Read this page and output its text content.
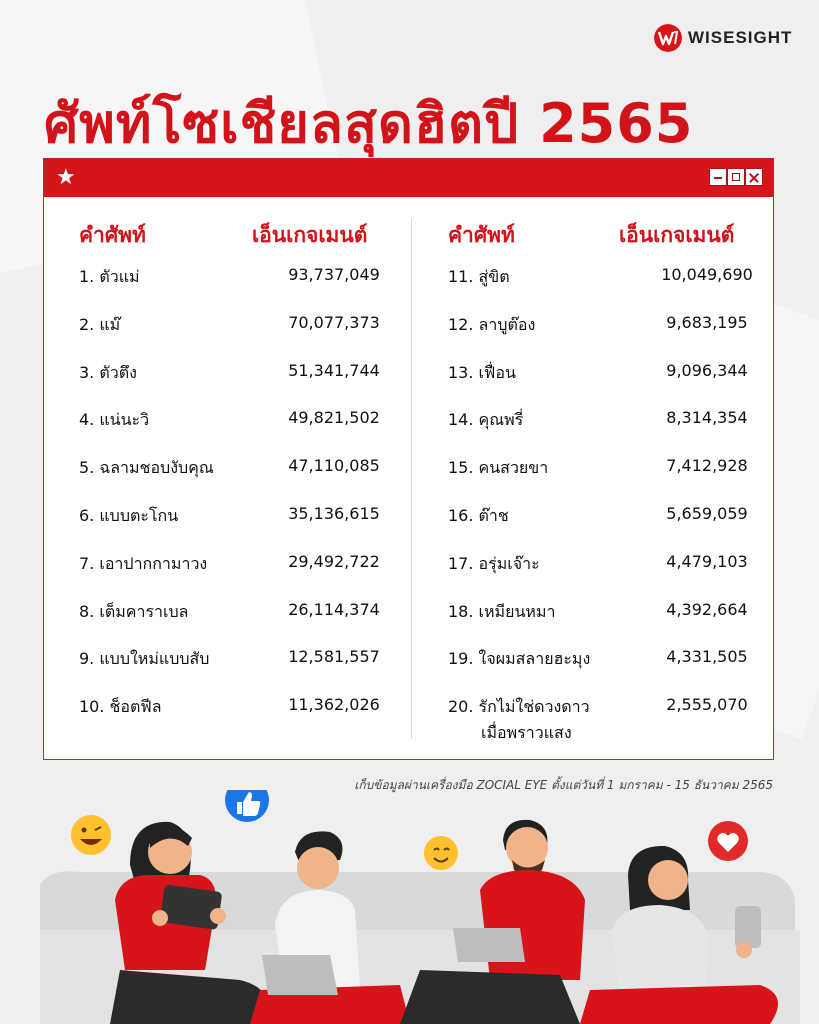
WISESIGHT
ศัพท์โซเชียลสุดฮิตปี 2565
★
คำศัพท์	เอ็นเกจเมนต์
1. ตัวแม่	93,737,049
2. แม๊	70,077,373
3. ตัวตึง	51,341,744
4. แน่นะวิ	49,821,502
5. ฉลามชอบงับคุณ	47,110,085
6. แบบตะโกน	35,136,615
7. เอาปากกามาวง	29,492,722
8. เต็มคาราเบล	26,114,374
9. แบบใหม่แบบสับ	12,581,557
10. ช็อตฟีล	11,362,026
คำศัพท์	เอ็นเกจเมนต์
11. สู่ขิต	10,049,690
12. ลาบูต๊อง	9,683,195
13. เฟื่อน	9,096,344
14. คุณพรี่	8,314,354
15. คนสวยขา	7,412,928
16. ต๊าช	5,659,059
17. อรุ่มเจ๊าะ	4,479,103
18. เหมียนหมา	4,392,664
19. ใจผมสลายฮะมุง	4,331,505
20. รักไม่ใช่ดวงดาว
เมื่อพราวแสง
2,555,070
เก็บข้อมูลผ่านเครื่องมือ ZOCIAL EYE ตั้งแต่วันที่ 1 มกราคม - 15 ธันวาคม 2565
